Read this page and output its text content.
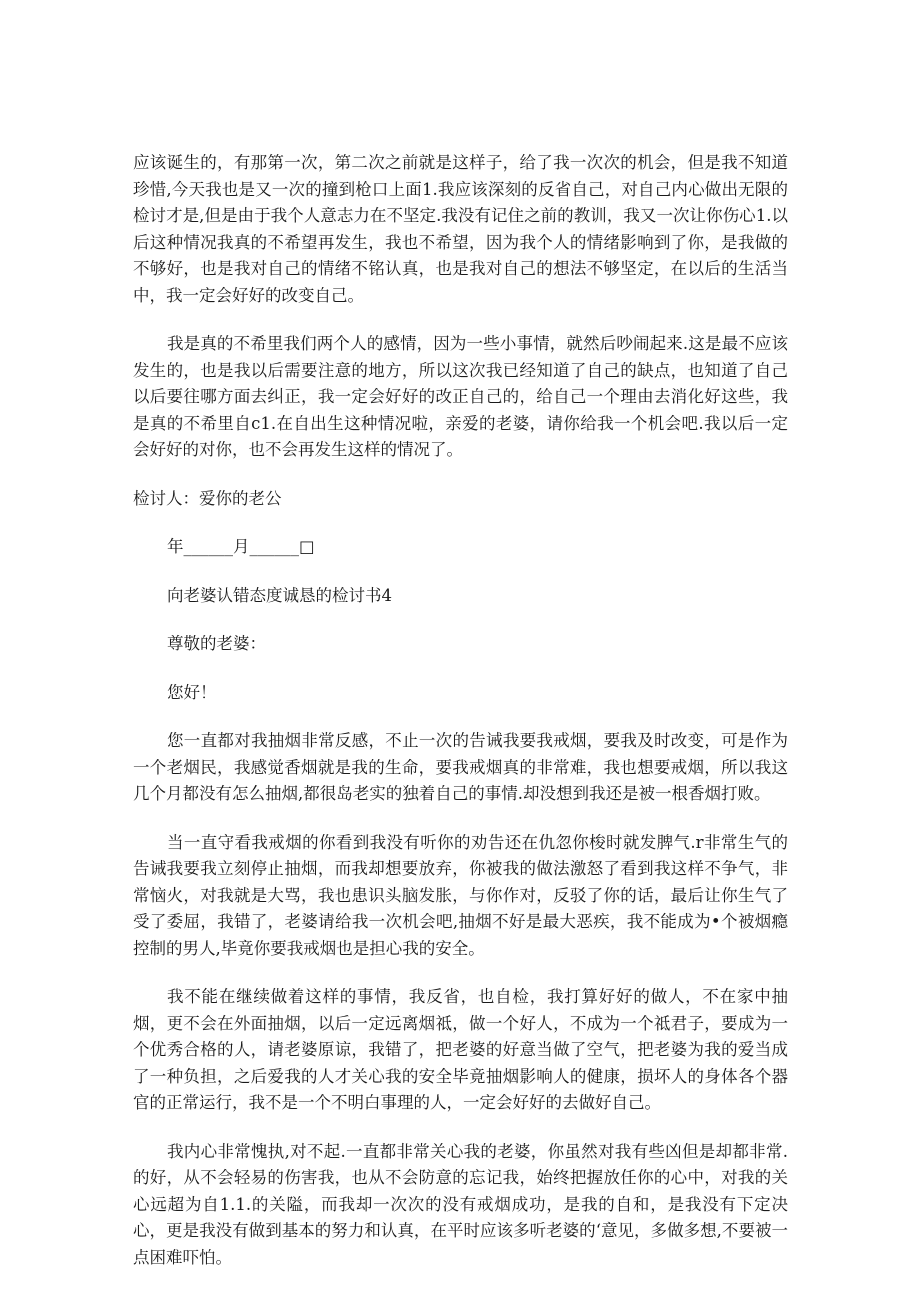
应该诞生的，有那第一次，第二次之前就是这样子，给了我一次次的机会，但是我不知道珍惜,今天我也是又一次的撞到枪口上面1.我应该深刻的反省自己，对自己内心做出无限的检讨才是,但是由于我个人意志力在不坚定.我没有记住之前的教训，我又一次让你伤心1.以后这种情况我真的不希望再发生，我也不希望，因为我个人的情绪影响到了你，是我做的不够好，也是我对自己的情绪不铭认真，也是我对自己的想法不够坚定，在以后的生活当中，我一定会好好的改变自己。

我是真的不希里我们两个人的感情，因为一些小事情，就然后吵闹起来.这是最不应该发生的，也是我以后需要注意的地方，所以这次我已经知道了自己的缺点，也知道了自己以后要往哪方面去纠正，我一定会好好的改正自己的，给自己一个理由去消化好这些，我是真的不希里自c1.在自出生这种情况啦，亲爱的老婆，请你给我一个机会吧.我以后一定会好好的对你，也不会再发生这样的情况了。

检讨人：爱你的老公

年______月______□

向老婆认错态度诚恳的检讨书4

尊敬的老婆：

您好！

您一直都对我抽烟非常反感，不止一次的告诫我要我戒烟，要我及时改变，可是作为一个老烟民，我感觉香烟就是我的生命，要我戒烟真的非常难，我也想要戒烟，所以我这几个月都没有怎么抽烟,都很岛老实的独着自己的事情.却没想到我还是被一根香烟打败。

当一直守看我戒烟的你看到我没有听你的劝告还在仇忽你梭时就发脾气.r非常生气的告诫我要我立刻停止抽烟，而我却想要放弃，你被我的做法激怒了看到我这样不争气，非常恼火，对我就是大骂，我也患识头脑发胀，与你作对，反驳了你的话，最后让你生气了受了委屈，我错了，老婆请给我一次机会吧,抽烟不好是最大恶疾，我不能成为•个被烟瘾控制的男人,毕竟你要我戒烟也是担心我的安全。

我不能在继续做着这样的事情，我反省，也自检，我打算好好的做人，不在家中抽烟，更不会在外面抽烟，以后一定远离烟祗，做一个好人，不成为一个祗君子，要成为一个优秀合格的人，请老婆原谅，我错了，把老婆的好意当做了空气，把老婆为我的爱当成了一种负担，之后爱我的人才关心我的安全毕竟抽烟影响人的健康，损坏人的身体各个器官的正常运行，我不是一个不明白事理的人，一定会好好的去做好自己。

我内心非常愧执,对不起.一直都非常关心我的老婆，你虽然对我有些凶但是却都非常.的好，从不会轻易的伤害我，也从不会防意的忘记我，始终把握放任你的心中，对我的关心远超为自1.1.的关隘，而我却一次次的没有戒烟成功，是我的自和，是我没有下定决心，更是我没有做到基本的努力和认真，在平时应该多听老婆的‘意见，多做多想,不要被一点困难吓怕。
